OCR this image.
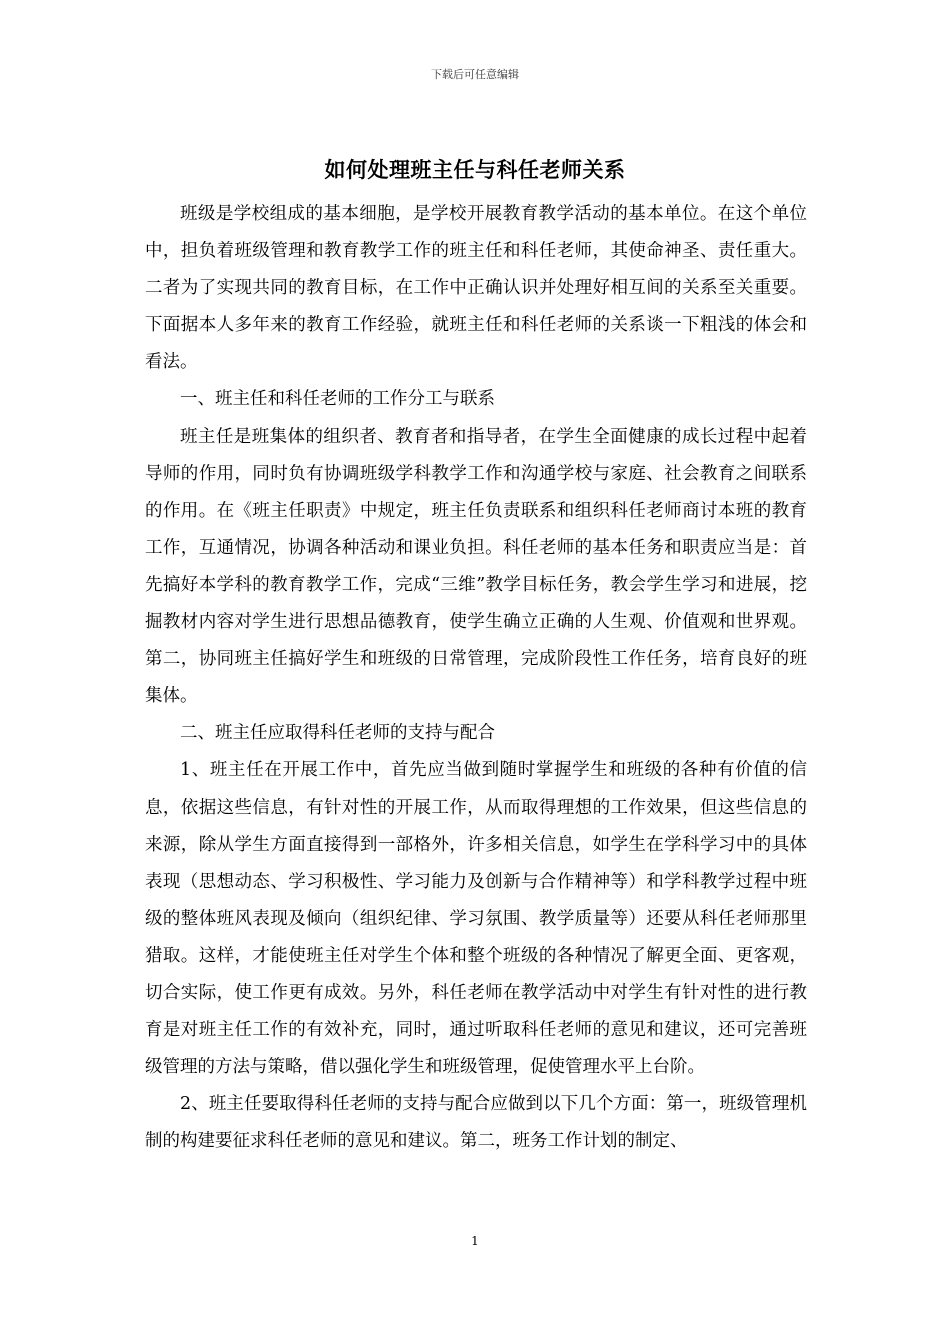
下载后可任意编辑
如何处理班主任与科任老师关系

班级是学校组成的基本细胞，是学校开展教育教学活动的基本单位。在这个单位中，担负着班级管理和教育教学工作的班主任和科任老师，其使命神圣、责任重大。二者为了实现共同的教育目标，在工作中正确认识并处理好相互间的关系至关重要。下面据本人多年来的教育工作经验，就班主任和科任老师的关系谈一下粗浅的体会和看法。

一、班主任和科任老师的工作分工与联系

班主任是班集体的组织者、教育者和指导者，在学生全面健康的成长过程中起着导师的作用，同时负有协调班级学科教学工作和沟通学校与家庭、社会教育之间联系的作用。在《班主任职责》中规定，班主任负责联系和组织科任老师商讨本班的教育工作，互通情况，协调各种活动和课业负担。科任老师的基本任务和职责应当是：首先搞好本学科的教育教学工作，完成“三维”教学目标任务，教会学生学习和进展，挖掘教材内容对学生进行思想品德教育，使学生确立正确的人生观、价值观和世界观。第二，协同班主任搞好学生和班级的日常管理，完成阶段性工作任务，培育良好的班集体。

二、班主任应取得科任老师的支持与配合

1、班主任在开展工作中，首先应当做到随时掌握学生和班级的各种有价值的信息，依据这些信息，有针对性的开展工作，从而取得理想的工作效果，但这些信息的来源，除从学生方面直接得到一部格外，许多相关信息，如学生在学科学习中的具体表现（思想动态、学习积极性、学习能力及创新与合作精神等）和学科教学过程中班级的整体班风表现及倾向（组织纪律、学习氛围、教学质量等）还要从科任老师那里猎取。这样，才能使班主任对学生个体和整个班级的各种情况了解更全面、更客观，切合实际，使工作更有成效。另外，科任老师在教学活动中对学生有针对性的进行教育是对班主任工作的有效补充，同时，通过听取科任老师的意见和建议，还可完善班级管理的方法与策略，借以强化学生和班级管理，促使管理水平上台阶。

2、班主任要取得科任老师的支持与配合应做到以下几个方面：第一，班级管理机制的构建要征求科任老师的意见和建议。第二，班务工作计划的制定、

1
